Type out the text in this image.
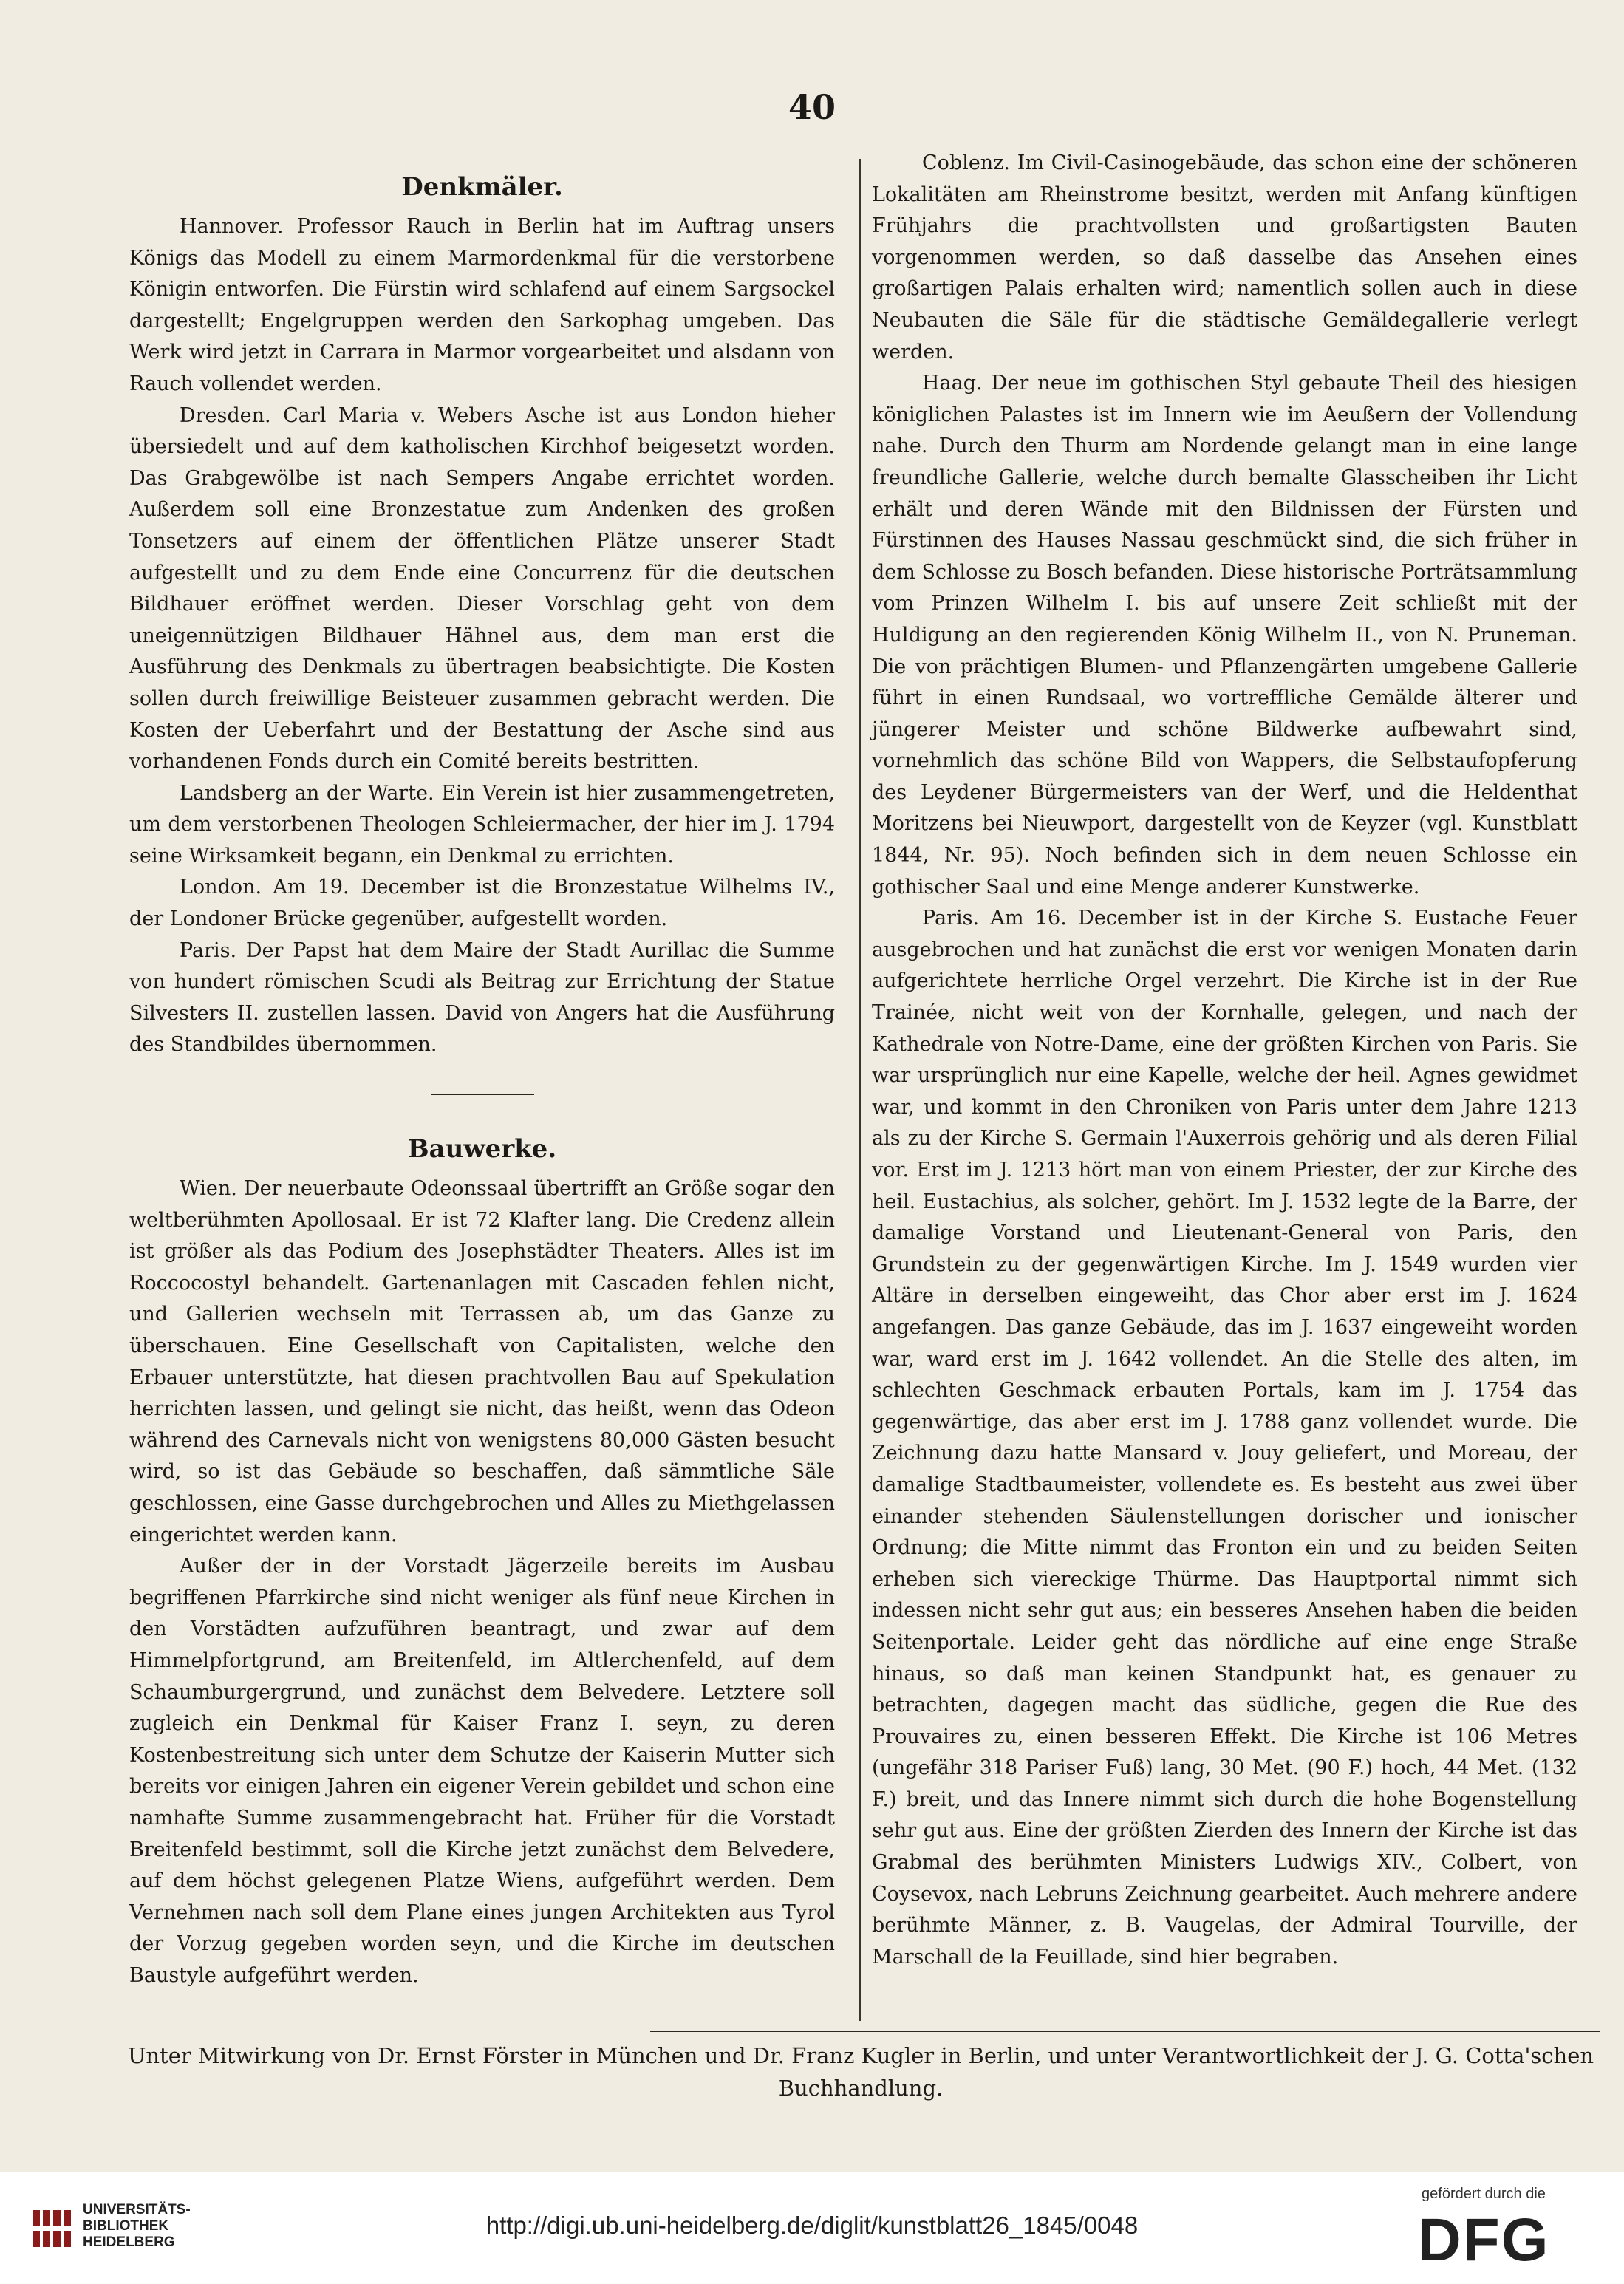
40
Denkmäler.

Hannover. Professor Rauch in Berlin hat im Auftrag unsers Königs das Modell zu einem Marmordenkmal für die verstorbene Königin entworfen. Die Fürstin wird schlafend auf einem Sargsockel dargestellt; Engelgruppen werden den Sarkophag umgeben. Das Werk wird jetzt in Carrara in Marmor vorgearbeitet und alsdann von Rauch vollendet werden.

Dresden. Carl Maria v. Webers Asche ist aus London hieher übersiedelt und auf dem katholischen Kirchhof beigesetzt worden. Das Grabgewölbe ist nach Sempers Angabe errichtet worden. Außerdem soll eine Bronzestatue zum Andenken des großen Tonsetzers auf einem der öffentlichen Plätze unserer Stadt aufgestellt und zu dem Ende eine Concurrenz für die deutschen Bildhauer eröffnet werden. Dieser Vorschlag geht von dem uneigennützigen Bildhauer Hähnel aus, dem man erst die Ausführung des Denkmals zu übertragen beabsichtigte. Die Kosten sollen durch freiwillige Beisteuer zusammen gebracht werden. Die Kosten der Ueberfahrt und der Bestattung der Asche sind aus vorhandenen Fonds durch ein Comité bereits bestritten.

Landsberg an der Warte. Ein Verein ist hier zusammengetreten, um dem verstorbenen Theologen Schleiermacher, der hier im J. 1794 seine Wirksamkeit begann, ein Denkmal zu errichten.

London. Am 19. December ist die Bronzestatue Wilhelms IV., der Londoner Brücke gegenüber, aufgestellt worden.

Paris. Der Papst hat dem Maire der Stadt Aurillac die Summe von hundert römischen Scudi als Beitrag zur Errichtung der Statue Silvesters II. zustellen lassen. David von Angers hat die Ausführung des Standbildes übernommen.

Bauwerke.

Wien. Der neuerbaute Odeonssaal übertrifft an Größe sogar den weltberühmten Apollosaal. Er ist 72 Klafter lang. Die Credenz allein ist größer als das Podium des Josephstädter Theaters. Alles ist im Roccocostyl behandelt. Gartenanlagen mit Cascaden fehlen nicht, und Gallerien wechseln mit Terrassen ab, um das Ganze zu überschauen. Eine Gesellschaft von Capitalisten, welche den Erbauer unterstützte, hat diesen prachtvollen Bau auf Spekulation herrichten lassen, und gelingt sie nicht, das heißt, wenn das Odeon während des Carnevals nicht von wenigstens 80,000 Gästen besucht wird, so ist das Gebäude so beschaffen, daß sämmtliche Säle geschlossen, eine Gasse durchgebrochen und Alles zu Miethgelassen eingerichtet werden kann.

Außer der in der Vorstadt Jägerzeile bereits im Ausbau begriffenen Pfarrkirche sind nicht weniger als fünf neue Kirchen in den Vorstädten aufzuführen beantragt, und zwar auf dem Himmelpfortgrund, am Breitenfeld, im Altlerchenfeld, auf dem Schaumburgergrund, und zunächst dem Belvedere. Letztere soll zugleich ein Denkmal für Kaiser Franz I. seyn, zu deren Kostenbestreitung sich unter dem Schutze der Kaiserin Mutter sich bereits vor einigen Jahren ein eigener Verein gebildet und schon eine namhafte Summe zusammengebracht hat. Früher für die Vorstadt Breitenfeld bestimmt, soll die Kirche jetzt zunächst dem Belvedere, auf dem höchst gelegenen Platze Wiens, aufgeführt werden. Dem Vernehmen nach soll dem Plane eines jungen Architekten aus Tyrol der Vorzug gegeben worden seyn, und die Kirche im deutschen Baustyle aufgeführt werden.

Coblenz. Im Civil-Casinogebäude, das schon eine der schöneren Lokalitäten am Rheinstrome besitzt, werden mit Anfang künftigen Frühjahrs die prachtvollsten und großartigsten Bauten vorgenommen werden, so daß dasselbe das Ansehen eines großartigen Palais erhalten wird; namentlich sollen auch in diese Neubauten die Säle für die städtische Gemäldegallerie verlegt werden.

Haag. Der neue im gothischen Styl gebaute Theil des hiesigen königlichen Palastes ist im Innern wie im Aeußern der Vollendung nahe. Durch den Thurm am Nordende gelangt man in eine lange freundliche Gallerie, welche durch bemalte Glasscheiben ihr Licht erhält und deren Wände mit den Bildnissen der Fürsten und Fürstinnen des Hauses Nassau geschmückt sind, die sich früher in dem Schlosse zu Bosch befanden. Diese historische Porträtsammlung vom Prinzen Wilhelm I. bis auf unsere Zeit schließt mit der Huldigung an den regierenden König Wilhelm II., von N. Pruneman. Die von prächtigen Blumen- und Pflanzengärten umgebene Gallerie führt in einen Rundsaal, wo vortreffliche Gemälde älterer und jüngerer Meister und schöne Bildwerke aufbewahrt sind, vornehmlich das schöne Bild von Wappers, die Selbstaufopferung des Leydener Bürgermeisters van der Werf, und die Heldenthat Moritzens bei Nieuwport, dargestellt von de Keyzer (vgl. Kunstblatt 1844, Nr. 95). Noch befinden sich in dem neuen Schlosse ein gothischer Saal und eine Menge anderer Kunstwerke.

Paris. Am 16. December ist in der Kirche S. Eustache Feuer ausgebrochen und hat zunächst die erst vor wenigen Monaten darin aufgerichtete herrliche Orgel verzehrt. Die Kirche ist in der Rue Trainée, nicht weit von der Kornhalle, gelegen, und nach der Kathedrale von Notre-Dame, eine der größten Kirchen von Paris. Sie war ursprünglich nur eine Kapelle, welche der heil. Agnes gewidmet war, und kommt in den Chroniken von Paris unter dem Jahre 1213 als zu der Kirche S. Germain l'Auxerrois gehörig und als deren Filial vor. Erst im J. 1213 hört man von einem Priester, der zur Kirche des heil. Eustachius, als solcher, gehört. Im J. 1532 legte de la Barre, der damalige Vorstand und Lieutenant-General von Paris, den Grundstein zu der gegenwärtigen Kirche. Im J. 1549 wurden vier Altäre in derselben eingeweiht, das Chor aber erst im J. 1624 angefangen. Das ganze Gebäude, das im J. 1637 eingeweiht worden war, ward erst im J. 1642 vollendet. An die Stelle des alten, im schlechten Geschmack erbauten Portals, kam im J. 1754 das gegenwärtige, das aber erst im J. 1788 ganz vollendet wurde. Die Zeichnung dazu hatte Mansard v. Jouy geliefert, und Moreau, der damalige Stadtbaumeister, vollendete es. Es besteht aus zwei über einander stehenden Säulenstellungen dorischer und ionischer Ordnung; die Mitte nimmt das Fronton ein und zu beiden Seiten erheben sich viereckige Thürme. Das Hauptportal nimmt sich indessen nicht sehr gut aus; ein besseres Ansehen haben die beiden Seitenportale. Leider geht das nördliche auf eine enge Straße hinaus, so daß man keinen Standpunkt hat, es genauer zu betrachten, dagegen macht das südliche, gegen die Rue des Prouvaires zu, einen besseren Effekt. Die Kirche ist 106 Metres (ungefähr 318 Pariser Fuß) lang, 30 Met. (90 F.) hoch, 44 Met. (132 F.) breit, und das Innere nimmt sich durch die hohe Bogenstellung sehr gut aus. Eine der größten Zierden des Innern der Kirche ist das Grabmal des berühmten Ministers Ludwigs XIV., Colbert, von Coysevox, nach Lebruns Zeichnung gearbeitet. Auch mehrere andere berühmte Männer, z. B. Vaugelas, der Admiral Tourville, der Marschall de la Feuillade, sind hier begraben.

Unter Mitwirkung von Dr. Ernst Förster in München und Dr. Franz Kugler in Berlin, und unter Verantwortlichkeit der J. G. Cotta'schen Buchhandlung.
UNIVERSITÄTS-
BIBLIOTHEK
HEIDELBERG
http://digi.ub.uni-heidelberg.de/diglit/kunstblatt26_1845/0048
gefördert durch die
DFG
